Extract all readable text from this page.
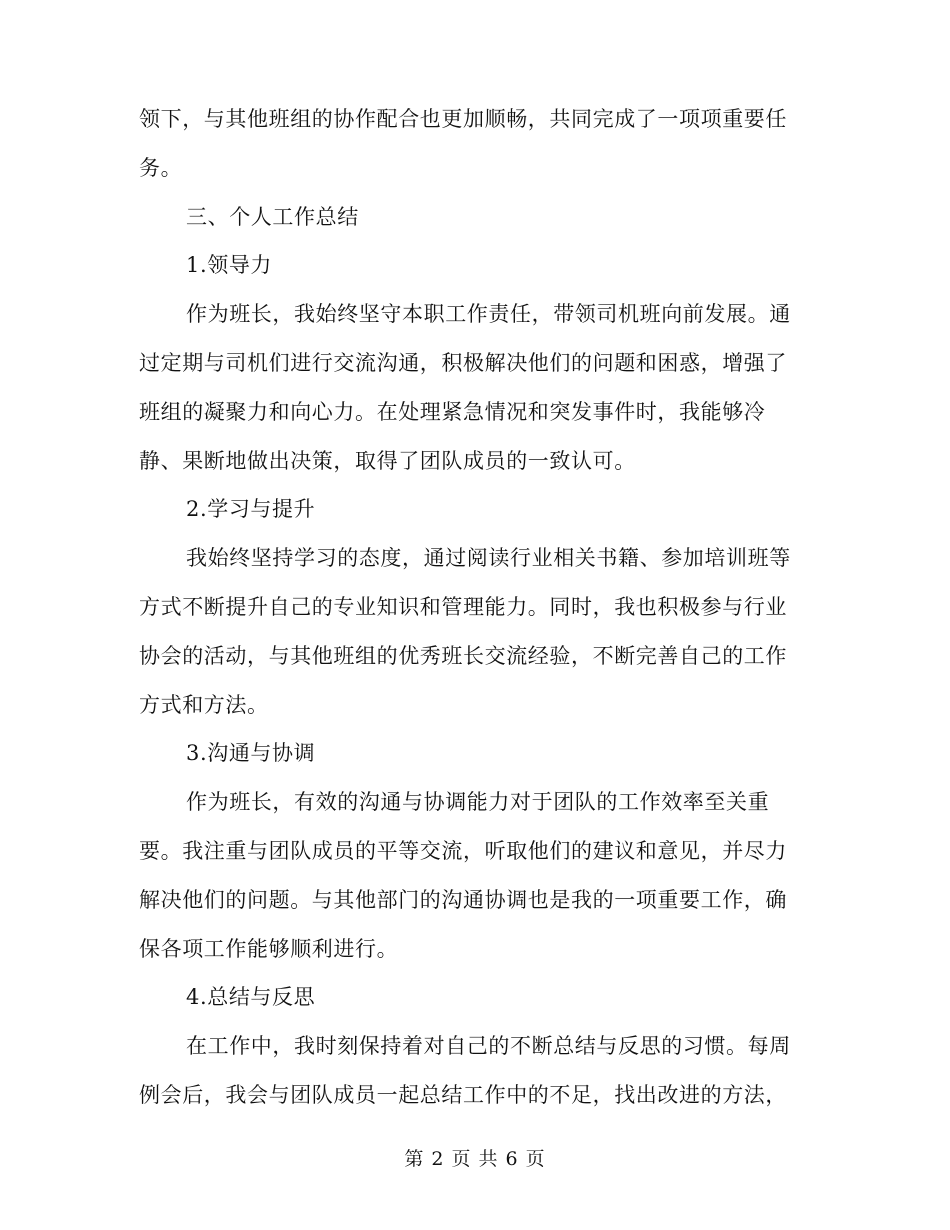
领下，与其他班组的协作配合也更加顺畅，共同完成了一项项重要任
务。
三、个人工作总结
1.领导力
作为班长，我始终坚守本职工作责任，带领司机班向前发展。通
过定期与司机们进行交流沟通，积极解决他们的问题和困惑，增强了
班组的凝聚力和向心力。在处理紧急情况和突发事件时，我能够冷
静、果断地做出决策，取得了团队成员的一致认可。
2.学习与提升
我始终坚持学习的态度，通过阅读行业相关书籍、参加培训班等
方式不断提升自己的专业知识和管理能力。同时，我也积极参与行业
协会的活动，与其他班组的优秀班长交流经验，不断完善自己的工作
方式和方法。
3.沟通与协调
作为班长，有效的沟通与协调能力对于团队的工作效率至关重
要。我注重与团队成员的平等交流，听取他们的建议和意见，并尽力
解决他们的问题。与其他部门的沟通协调也是我的一项重要工作，确
保各项工作能够顺利进行。
4.总结与反思
在工作中，我时刻保持着对自己的不断总结与反思的习惯。每周
例会后，我会与团队成员一起总结工作中的不足，找出改进的方法，
第 2 页 共 6 页
